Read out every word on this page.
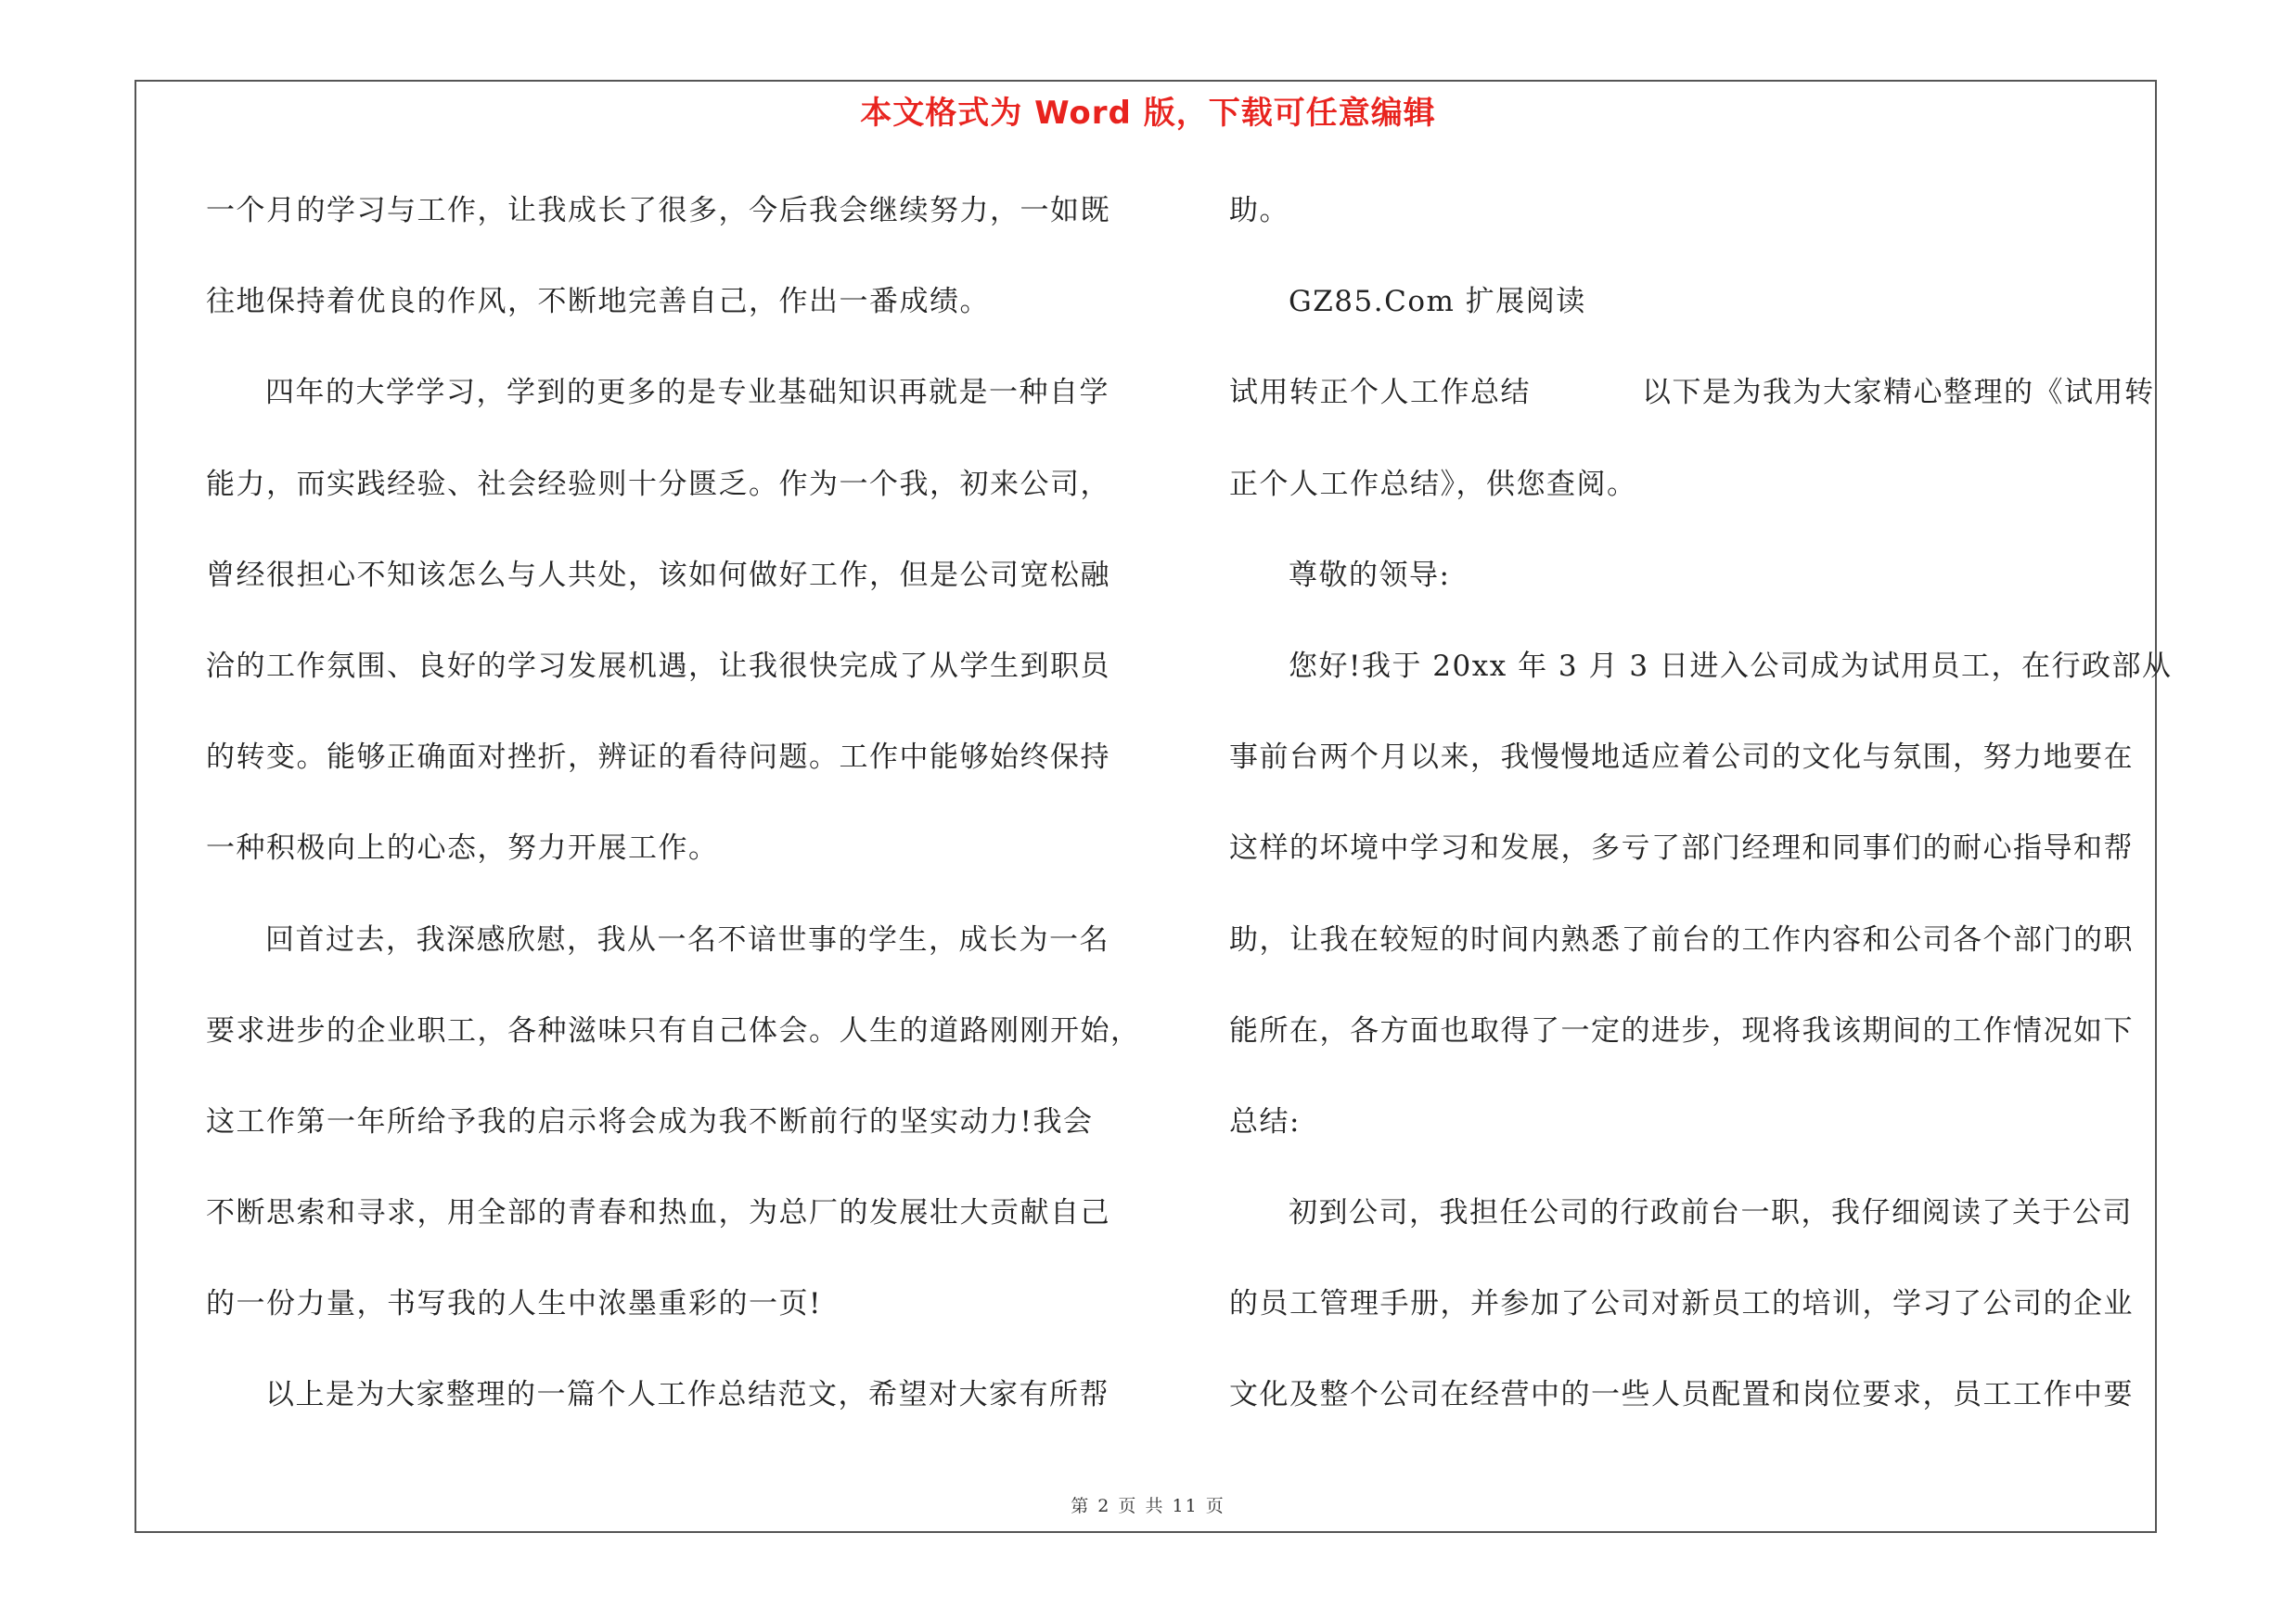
本文格式为 Word 版，下载可任意编辑
一个月的学习与工作，让我成长了很多，今后我会继续努力，一如既
往地保持着优良的作风，不断地完善自己，作出一番成绩。
四年的大学学习，学到的更多的是专业基础知识再就是一种自学
能力，而实践经验、社会经验则十分匮乏。作为一个我，初来公司，
曾经很担心不知该怎么与人共处，该如何做好工作，但是公司宽松融
洽的工作氛围、良好的学习发展机遇，让我很快完成了从学生到职员
的转变。能够正确面对挫折，辨证的看待问题。工作中能够始终保持
一种积极向上的心态，努力开展工作。
回首过去，我深感欣慰，我从一名不谙世事的学生，成长为一名
要求进步的企业职工，各种滋味只有自己体会。人生的道路刚刚开始，
这工作第一年所给予我的启示将会成为我不断前行的坚实动力!我会
不断思索和寻求，用全部的青春和热血，为总厂的发展壮大贡献自己
的一份力量，书写我的人生中浓墨重彩的一页!
以上是为大家整理的一篇个人工作总结范文，希望对大家有所帮
助。
GZ85.Com 扩展阅读
试用转正个人工作总结	以下是为我为大家精心整理的《试用转
正个人工作总结》，供您查阅。
尊敬的领导:
您好!我于 20xx 年 3 月 3 日进入公司成为试用员工，在行政部从
事前台两个月以来，我慢慢地适应着公司的文化与氛围，努力地要在
这样的坏境中学习和发展，多亏了部门经理和同事们的耐心指导和帮
助，让我在较短的时间内熟悉了前台的工作内容和公司各个部门的职
能所在，各方面也取得了一定的进步，现将我该期间的工作情况如下
总结:
初到公司，我担任公司的行政前台一职，我仔细阅读了关于公司
的员工管理手册，并参加了公司对新员工的培训，学习了公司的企业
文化及整个公司在经营中的一些人员配置和岗位要求，员工工作中要
第 2 页 共 11 页
